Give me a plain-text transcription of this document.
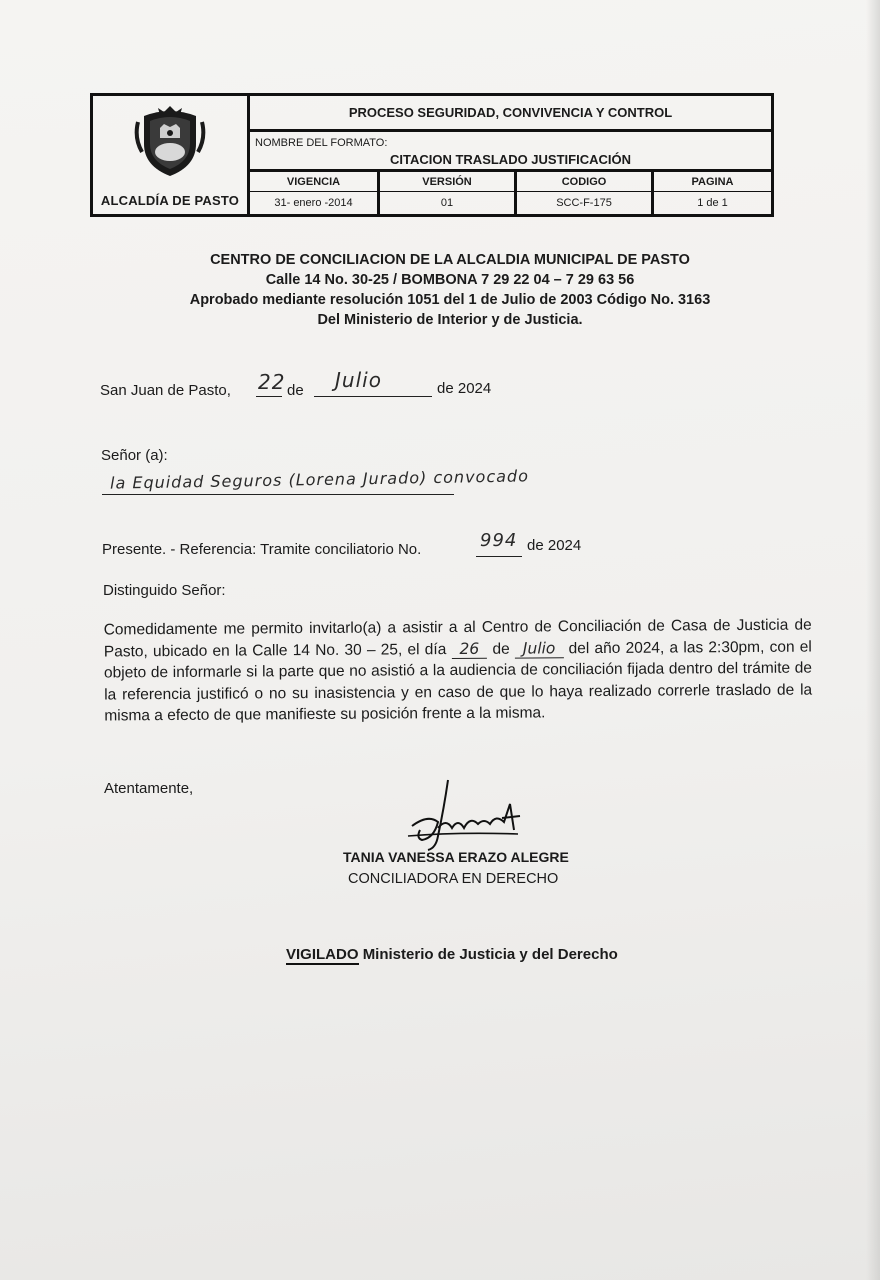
ALCALDÍA DE PASTO
PROCESO SEGURIDAD, CONVIVENCIA Y CONTROL
NOMBRE DEL FORMATO:
CITACION TRASLADO JUSTIFICACIÓN
VIGENCIA
31- enero -2014
VERSIÓN
01
CODIGO
SCC-F-175
PAGINA
1 de 1
CENTRO DE CONCILIACION DE LA ALCALDIA MUNICIPAL DE PASTO
Calle 14 No. 30-25 / BOMBONA 7 29 22 04 – 7 29 63 56
Aprobado mediante resolución 1051 del 1 de Julio de 2003 Código No. 3163
Del Ministerio de Interior y de Justicia.
San Juan de Pasto, 22 de Julio	de 2024
Señor (a):
la Equidad Seguros (Lorena Jurado) convocado
Presente. - Referencia: Tramite conciliatorio No.	994 de 2024
Distinguido Señor:
Comedidamente me permito invitarlo(a) a asistir a al Centro de Conciliación de Casa de Justicia de Pasto, ubicado en la Calle 14 No. 30 – 25, el día 26 de Julio del año 2024, a las 2:30pm, con el objeto de informarle si la parte que no asistió a la audiencia de conciliación fijada dentro del trámite de la referencia justificó o no su inasistencia y en caso de que lo haya realizado correrle traslado de la misma a efecto de que manifieste su posición frente a la misma.
Atentamente,
TANIA VANESSA ERAZO ALEGRE
CONCILIADORA EN DERECHO
VIGILADO Ministerio de Justicia y del Derecho
